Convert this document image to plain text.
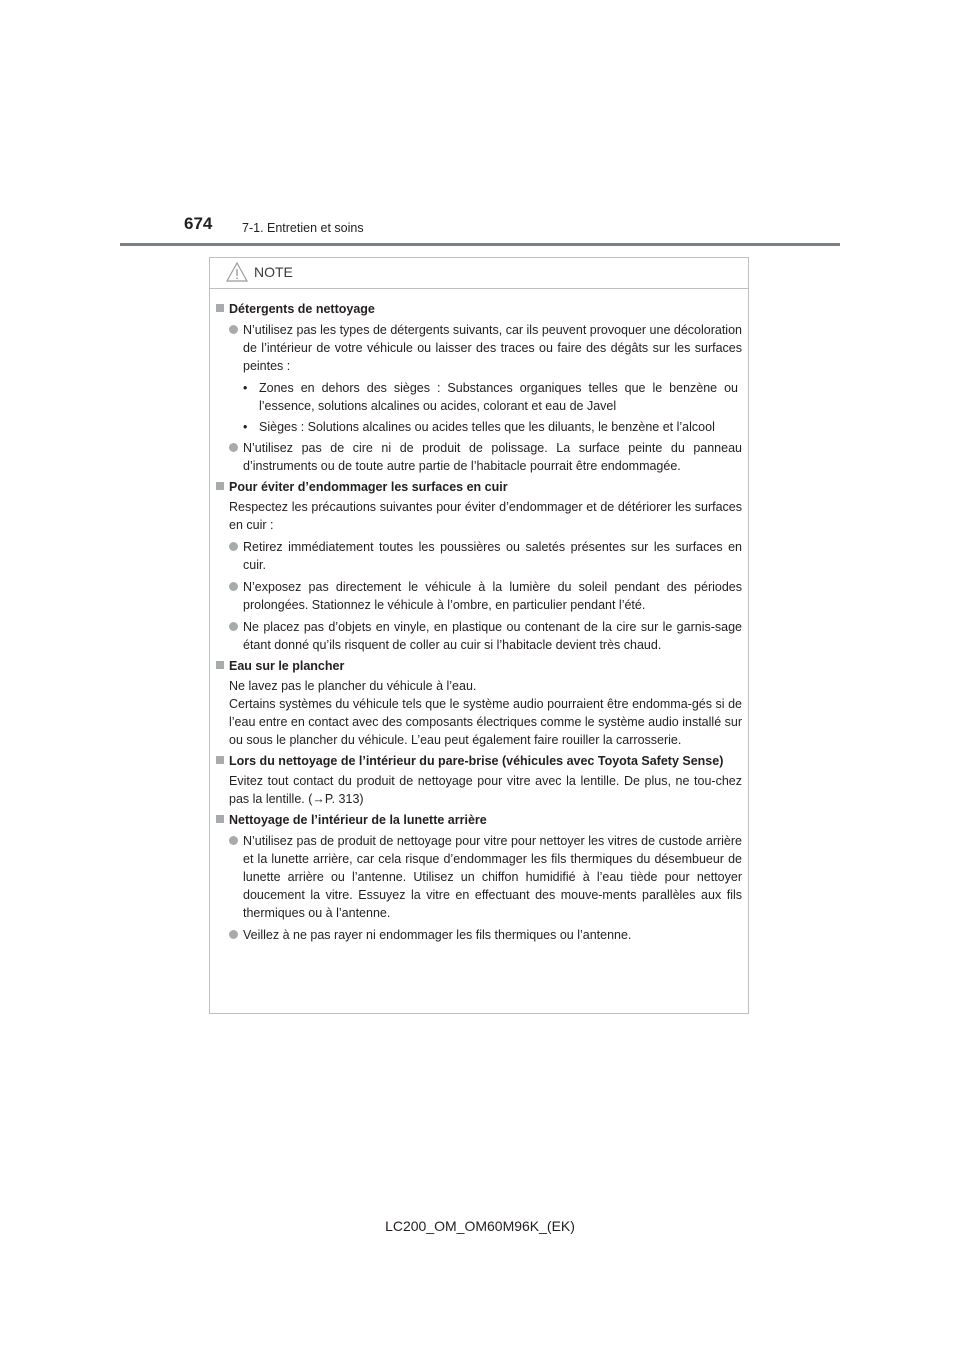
674 7-1. Entretien et soins
NOTE
Détergents de nettoyage
N’utilisez pas les types de détergents suivants, car ils peuvent provoquer une décoloration de l’intérieur de votre véhicule ou laisser des traces ou faire des dégâts sur les surfaces peintes :
• Zones en dehors des sièges : Substances organiques telles que le benzène ou l’essence, solutions alcalines ou acides, colorant et eau de Javel
• Sièges : Solutions alcalines ou acides telles que les diluants, le benzène et l’alcool
N’utilisez pas de cire ni de produit de polissage. La surface peinte du panneau d’instruments ou de toute autre partie de l’habitacle pourrait être endommagée.
Pour éviter d’endommager les surfaces en cuir
Respectez les précautions suivantes pour éviter d’endommager et de détériorer les surfaces en cuir :
Retirez immédiatement toutes les poussières ou saletés présentes sur les surfaces en cuir.
N’exposez pas directement le véhicule à la lumière du soleil pendant des périodes prolongées. Stationnez le véhicule à l’ombre, en particulier pendant l’été.
Ne placez pas d’objets en vinyle, en plastique ou contenant de la cire sur le garnis-sage étant donné qu’ils risquent de coller au cuir si l’habitacle devient très chaud.
Eau sur le plancher
Ne lavez pas le plancher du véhicule à l’eau.
Certains systèmes du véhicule tels que le système audio pourraient être endomma-gés si de l’eau entre en contact avec des composants électriques comme le système audio installé sur ou sous le plancher du véhicule. L’eau peut également faire rouiller la carrosserie.
Lors du nettoyage de l’intérieur du pare-brise (véhicules avec Toyota Safety Sense)
Evitez tout contact du produit de nettoyage pour vitre avec la lentille. De plus, ne tou-chez pas la lentille. (→P. 313)
Nettoyage de l’intérieur de la lunette arrière
N’utilisez pas de produit de nettoyage pour vitre pour nettoyer les vitres de custode arrière et la lunette arrière, car cela risque d’endommager les fils thermiques du désembueur de lunette arrière ou l’antenne. Utilisez un chiffon humidifié à l’eau tiède pour nettoyer doucement la vitre. Essuyez la vitre en effectuant des mouve-ments parallèles aux fils thermiques ou à l’antenne.
Veillez à ne pas rayer ni endommager les fils thermiques ou l’antenne.
LC200_OM_OM60M96K_(EK)
